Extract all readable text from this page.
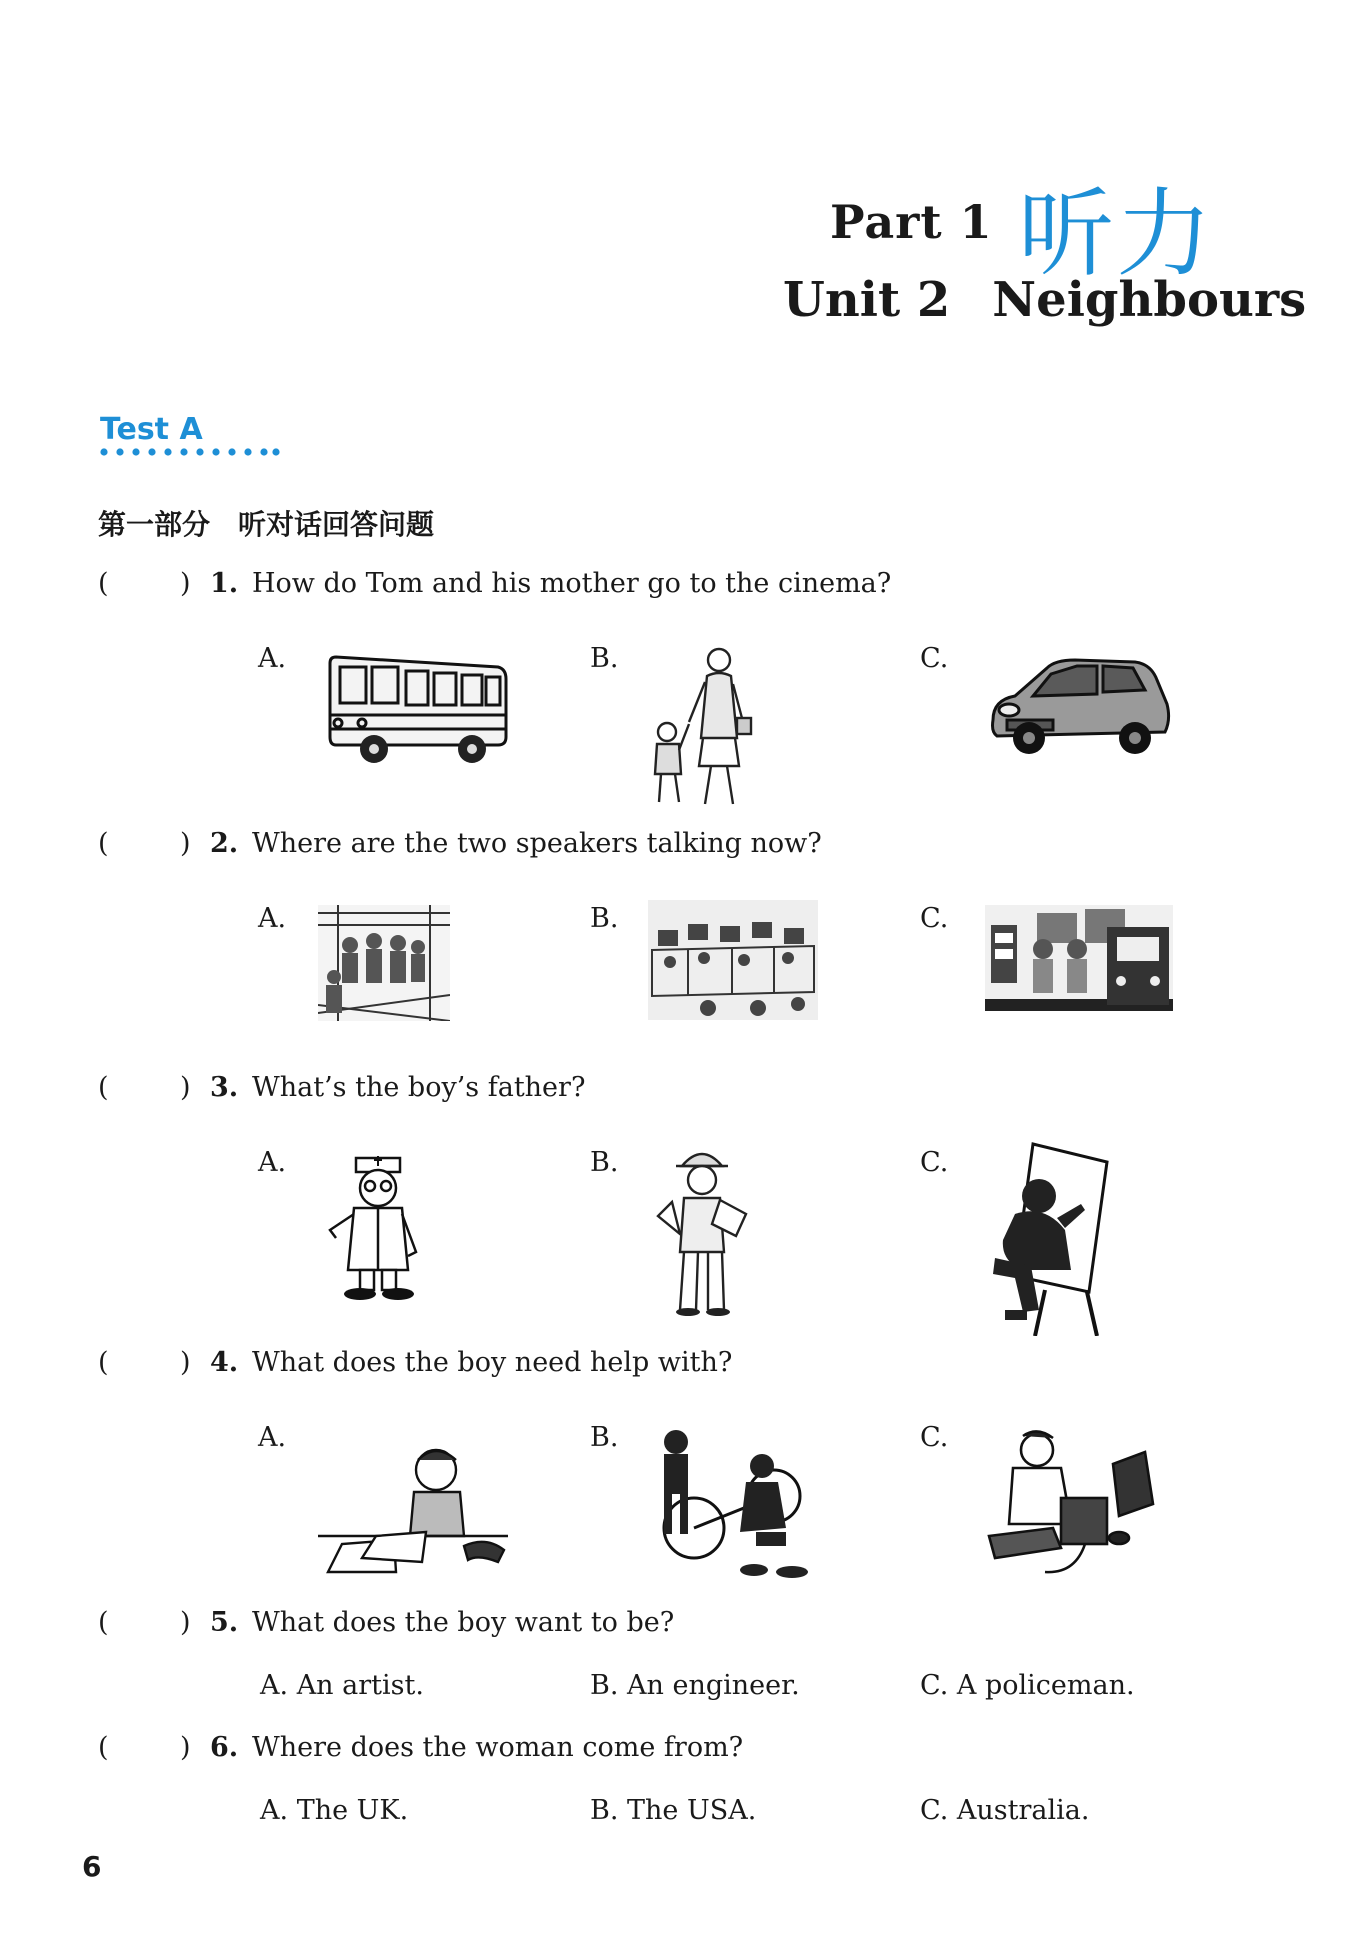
Part 1 听力
Unit 2 Neighbours
Test A
第一部分　听对话回答问题
(	) 1. How do Tom and his mother go to the cinema?
A.	B.	C.
(	) 2. Where are the two speakers talking now?
A.	B.	C.
(	) 3. What’s the boy’s father?
A.	B.	C.
(	) 4. What does the boy need help with?
A.	B.	C.
(	) 5. What does the boy want to be?
A. An artist.	B. An engineer.	C. A policeman.
(	) 6. Where does the woman come from?
A. The UK.	B. The USA.	C. Australia.
6
